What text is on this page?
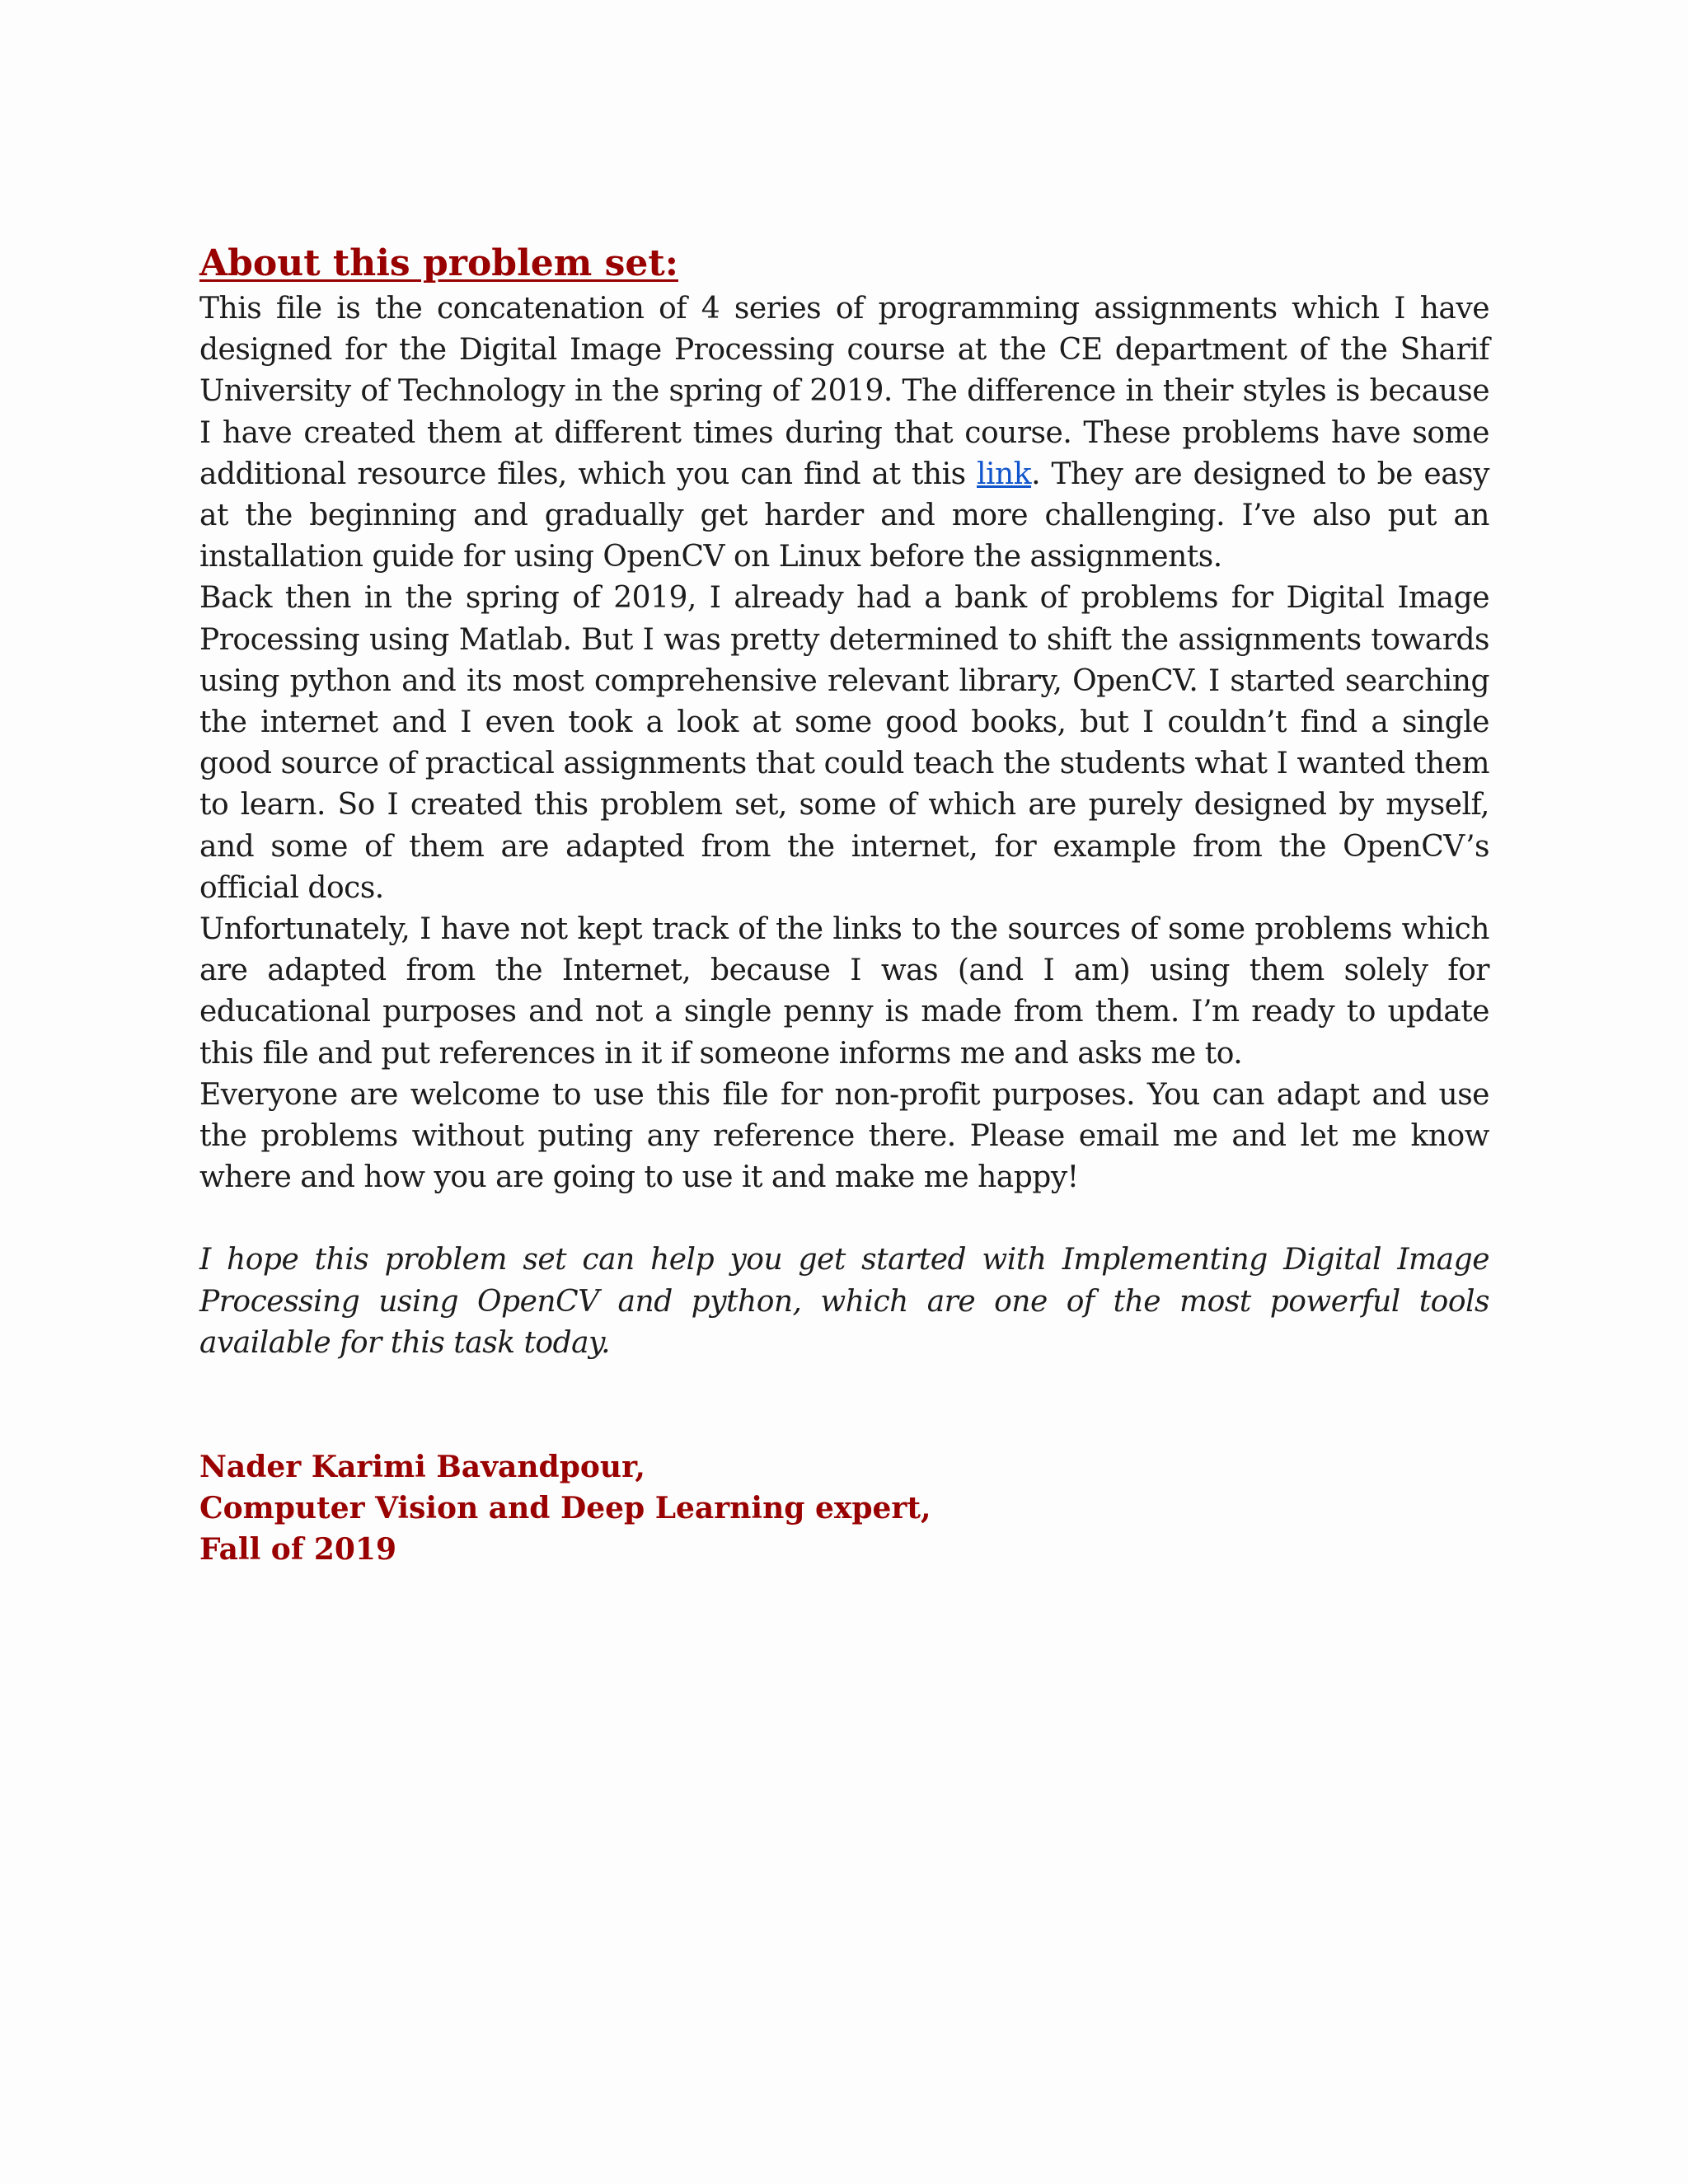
About this problem set:

This file is the concatenation of 4 series of programming assignments which I have designed for the Digital Image Processing course at the CE department of the Sharif University of Technology in the spring of 2019. The difference in their styles is because I have created them at different times during that course. These problems have some additional resource files, which you can find at this link. They are designed to be easy at the beginning and gradually get harder and more challenging. I’ve also put an installation guide for using OpenCV on Linux before the assignments.

Back then in the spring of 2019, I already had a bank of problems for Digital Image Processing using Matlab. But I was pretty determined to shift the assignments towards using python and its most comprehensive relevant library, OpenCV. I started searching the internet and I even took a look at some good books, but I couldn’t find a single good source of practical assignments that could teach the students what I wanted them to learn. So I created this problem set, some of which are purely designed by myself, and some of them are adapted from the internet, for example from the OpenCV’s official docs.

Unfortunately, I have not kept track of the links to the sources of some problems which are adapted from the Internet, because I was (and I am) using them solely for educational purposes and not a single penny is made from them. I’m ready to update this file and put references in it if someone informs me and asks me to.

Everyone are welcome to use this file for non-profit purposes. You can adapt and use the problems without puting any reference there. Please email me and let me know where and how you are going to use it and make me happy!

I hope this problem set can help you get started with Implementing Digital Image Processing using OpenCV and python, which are one of the most powerful tools available for this task today.

Nader Karimi Bavandpour,

Computer Vision and Deep Learning expert,

Fall of 2019
